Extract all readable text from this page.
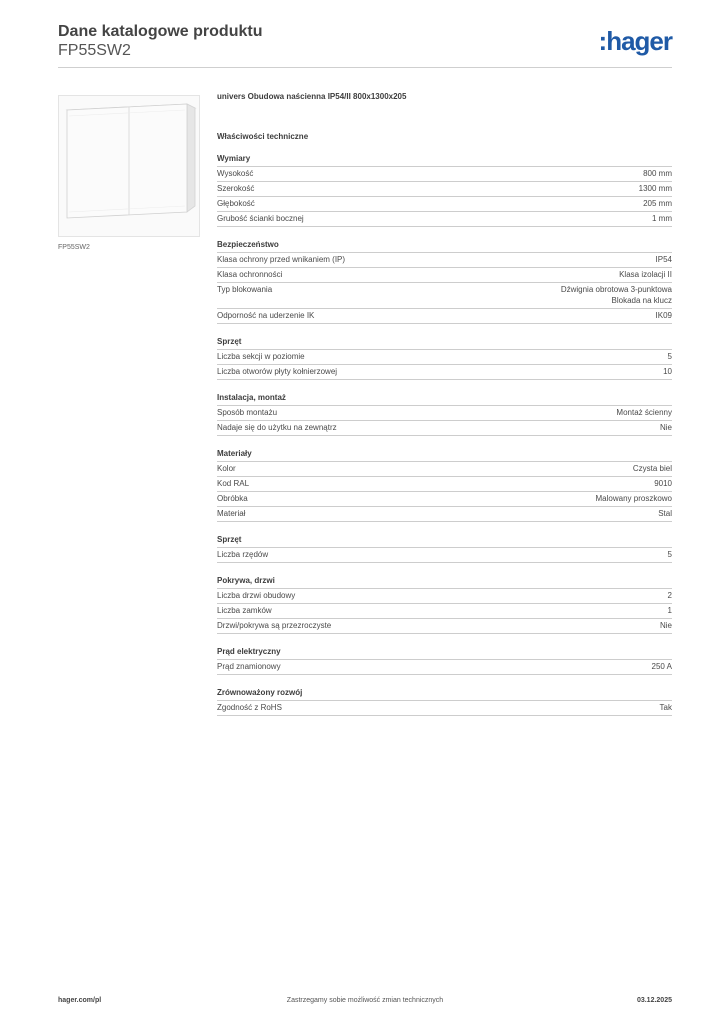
Dane katalogowe produktu

FP55SW2	:hager
FP55SW2

univers Obudowa naścienna IP54/II 800x1300x205

Właściwości techniczne

Wymiary
Wysokość	800 mm
Szerokość	1300 mm
Głębokość	205 mm
Grubość ścianki bocznej	1 mm
Bezpieczeństwo
Klasa ochrony przed wnikaniem (IP)	IP54
Klasa ochronności	Klasa izolacji II
Typ blokowania	Dźwignia obrotowa 3-punktowa
Blokada na klucz
Odporność na uderzenie IK	IK09
Sprzęt
Liczba sekcji w poziomie	5
Liczba otworów płyty kołnierzowej	10
Instalacja, montaż
Sposób montażu	Montaż ścienny
Nadaje się do użytku na zewnątrz	Nie
Materiały
Kolor	Czysta biel
Kod RAL	9010
Obróbka	Malowany proszkowo
Materiał	Stal
Sprzęt
Liczba rzędów	5
Pokrywa, drzwi
Liczba drzwi obudowy	2
Liczba zamków	1
Drzwi/pokrywa są przezroczyste	Nie
Prąd elektryczny
Prąd znamionowy	250 A
Zrównoważony rozwój
Zgodność z RoHS	Tak
hager.com/pl	Zastrzegamy sobie możliwość zmian technicznych	03.12.2025
